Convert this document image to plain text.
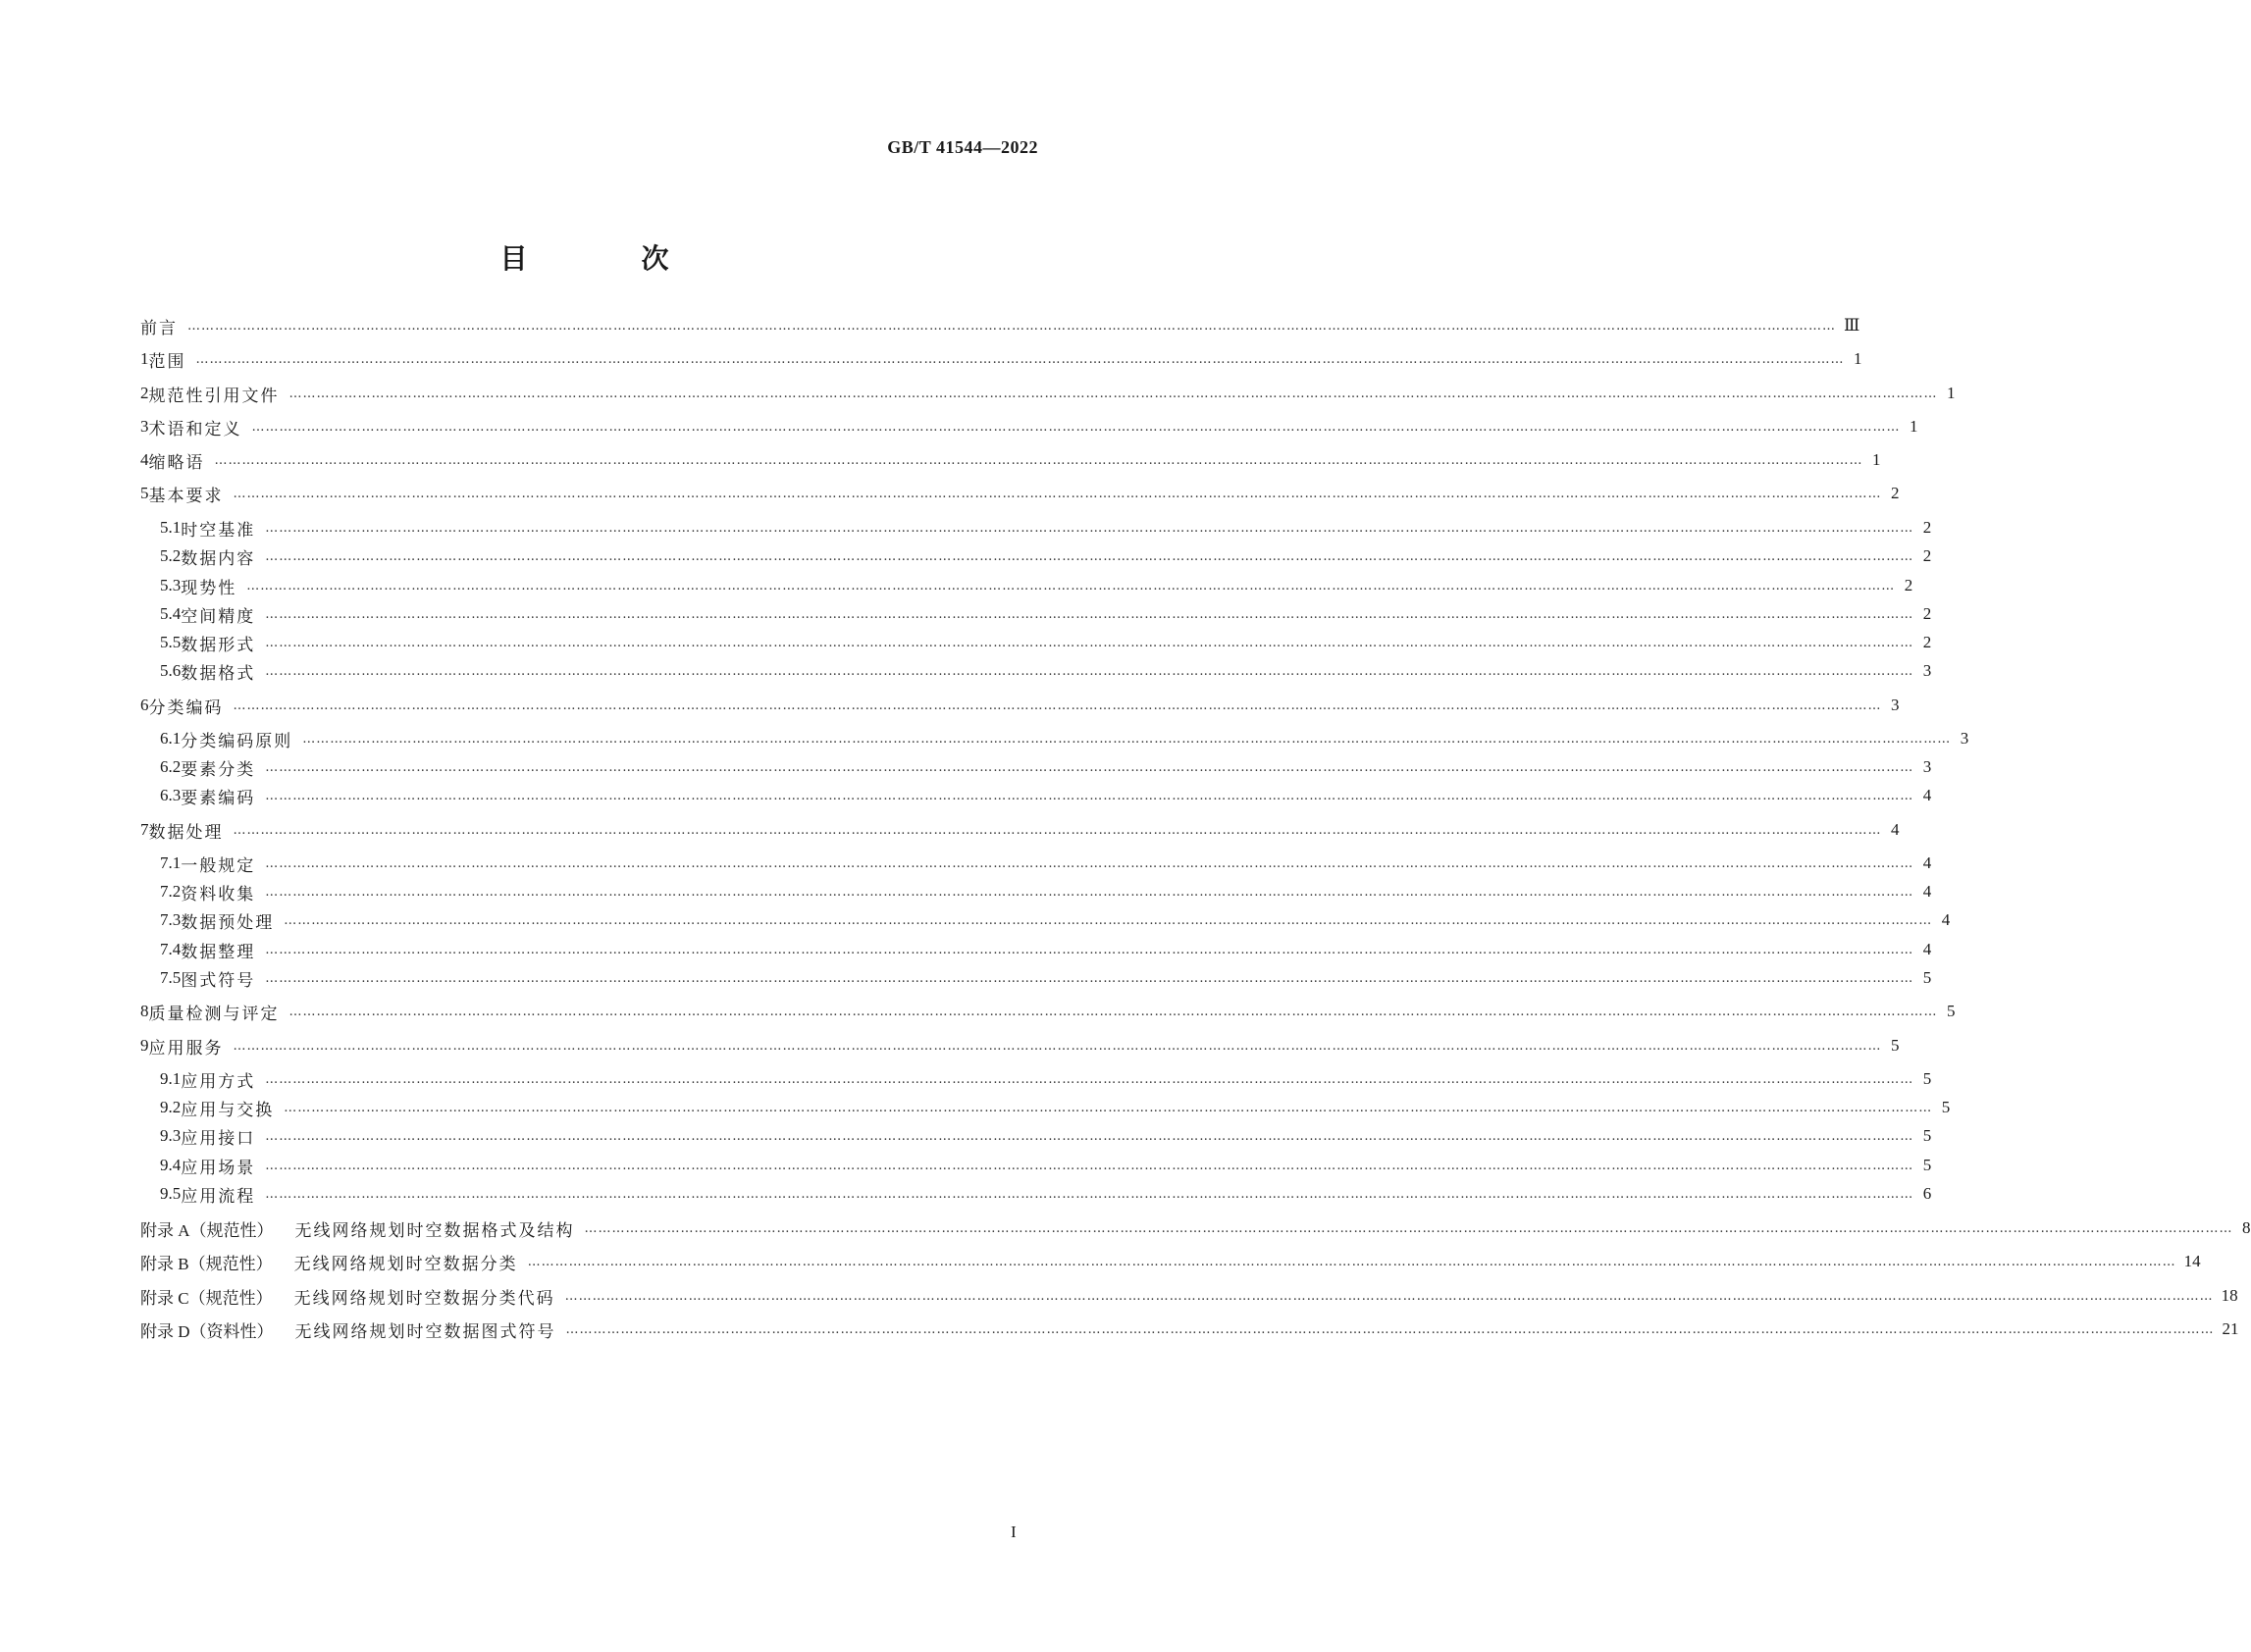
GB/T 41544—2022
目　次
前言 ……………………………………………………………………………………………………………………………………………………………………………………………………………………………………………………………………………………………………………………………… Ⅲ
1 范围 ……………………………………………………………………………………………………………………………………………………………………………………………………………………………………………………………………………………………………………………………… 1
2 规范性引用文件 ……………………………………………………………………………………………………………………………………………………………………………………………………………………………………………………………………………………………………………………………… 1
3 术语和定义 ……………………………………………………………………………………………………………………………………………………………………………………………………………………………………………………………………………………………………………………………… 1
4 缩略语 ……………………………………………………………………………………………………………………………………………………………………………………………………………………………………………………………………………………………………………………………… 1
5 基本要求 ……………………………………………………………………………………………………………………………………………………………………………………………………………………………………………………………………………………………………………………………… 2
5.1 时空基准 ……………………………………………………………………………………………………………………………………………………………………………………………………………………………………………………………………………………………………………………………… 2
5.2 数据内容 ……………………………………………………………………………………………………………………………………………………………………………………………………………………………………………………………………………………………………………………………… 2
5.3 现势性 ……………………………………………………………………………………………………………………………………………………………………………………………………………………………………………………………………………………………………………………………… 2
5.4 空间精度 ……………………………………………………………………………………………………………………………………………………………………………………………………………………………………………………………………………………………………………………………… 2
5.5 数据形式 ……………………………………………………………………………………………………………………………………………………………………………………………………………………………………………………………………………………………………………………………… 2
5.6 数据格式 ……………………………………………………………………………………………………………………………………………………………………………………………………………………………………………………………………………………………………………………………… 3
6 分类编码 ……………………………………………………………………………………………………………………………………………………………………………………………………………………………………………………………………………………………………………………………… 3
6.1 分类编码原则 ……………………………………………………………………………………………………………………………………………………………………………………………………………………………………………………………………………………………………………………………… 3
6.2 要素分类 ……………………………………………………………………………………………………………………………………………………………………………………………………………………………………………………………………………………………………………………………… 3
6.3 要素编码 ……………………………………………………………………………………………………………………………………………………………………………………………………………………………………………………………………………………………………………………………… 4
7 数据处理 ……………………………………………………………………………………………………………………………………………………………………………………………………………………………………………………………………………………………………………………………… 4
7.1 一般规定 ……………………………………………………………………………………………………………………………………………………………………………………………………………………………………………………………………………………………………………………………… 4
7.2 资料收集 ……………………………………………………………………………………………………………………………………………………………………………………………………………………………………………………………………………………………………………………………… 4
7.3 数据预处理 ……………………………………………………………………………………………………………………………………………………………………………………………………………………………………………………………………………………………………………………………… 4
7.4 数据整理 ……………………………………………………………………………………………………………………………………………………………………………………………………………………………………………………………………………………………………………………………… 4
7.5 图式符号 ……………………………………………………………………………………………………………………………………………………………………………………………………………………………………………………………………………………………………………………………… 5
8 质量检测与评定 ……………………………………………………………………………………………………………………………………………………………………………………………………………………………………………………………………………………………………………………………… 5
9 应用服务 ……………………………………………………………………………………………………………………………………………………………………………………………………………………………………………………………………………………………………………………………… 5
9.1 应用方式 ……………………………………………………………………………………………………………………………………………………………………………………………………………………………………………………………………………………………………………………………… 5
9.2 应用与交换 ……………………………………………………………………………………………………………………………………………………………………………………………………………………………………………………………………………………………………………………………… 5
9.3 应用接口 ……………………………………………………………………………………………………………………………………………………………………………………………………………………………………………………………………………………………………………………………… 5
9.4 应用场景 ……………………………………………………………………………………………………………………………………………………………………………………………………………………………………………………………………………………………………………………………… 5
9.5 应用流程 ……………………………………………………………………………………………………………………………………………………………………………………………………………………………………………………………………………………………………………………………… 6
附录 A（规范性） 无线网络规划时空数据格式及结构 ……………………………………………………………………………………………………………………………………………………………………………………………………………………………………………………………………………………………………………………………… 8
附录 B（规范性） 无线网络规划时空数据分类 ……………………………………………………………………………………………………………………………………………………………………………………………………………………………………………………………………………………………………………………………… 14
附录 C（规范性） 无线网络规划时空数据分类代码 ……………………………………………………………………………………………………………………………………………………………………………………………………………………………………………………………………………………………………………………………… 18
附录 D（资料性） 无线网络规划时空数据图式符号 ……………………………………………………………………………………………………………………………………………………………………………………………………………………………………………………………………………………………………………………………… 21
I
